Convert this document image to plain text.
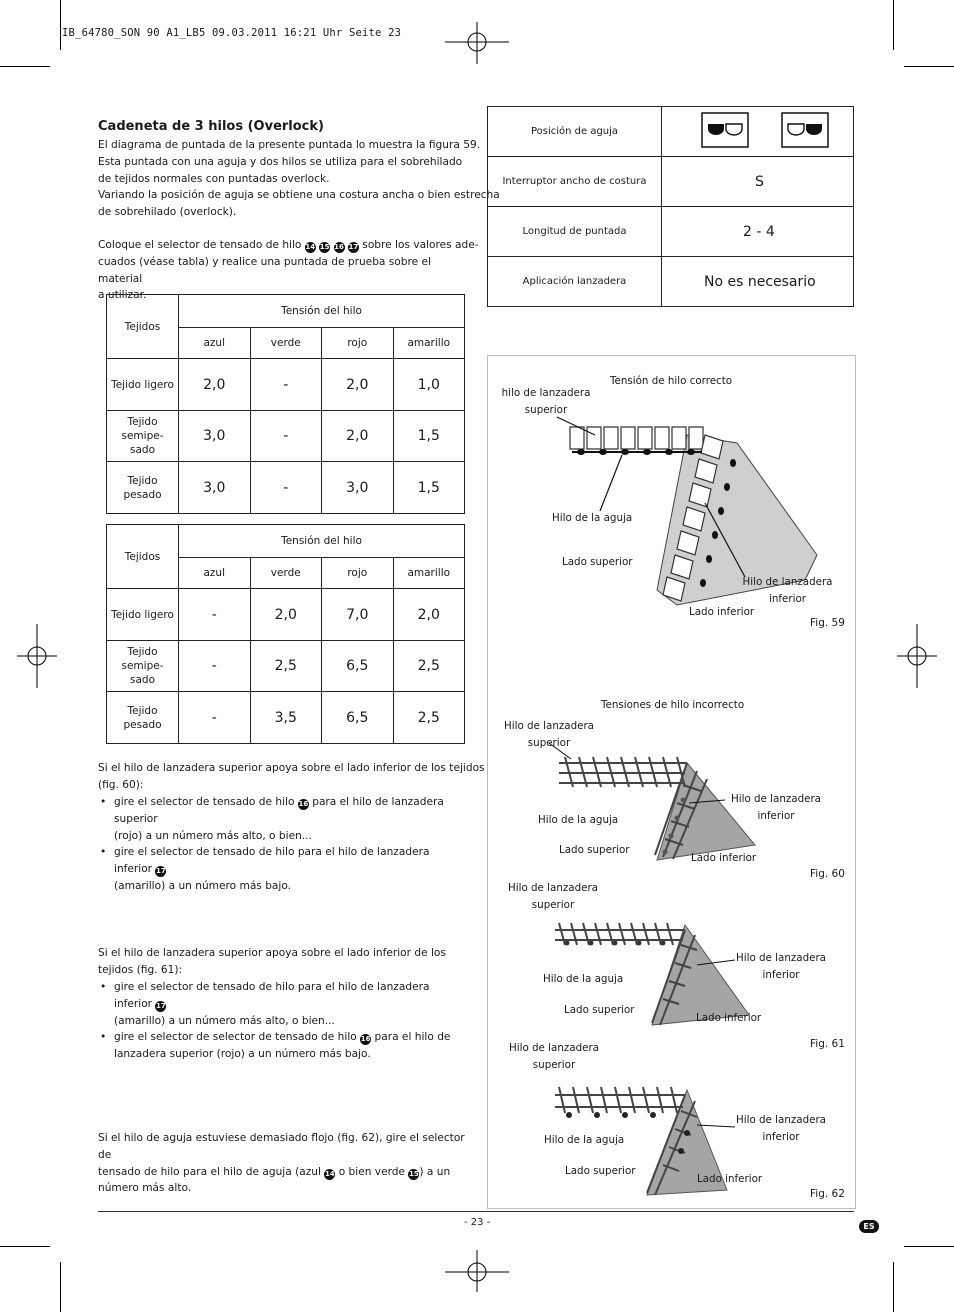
IB_64780_SON 90 A1_LB5 09.03.2011 16:21 Uhr Seite 23
Cadeneta de 3 hilos (Overlock)
El diagrama de puntada de la presente puntada lo muestra la figura 59.
Esta puntada con una aguja y dos hilos se utiliza para el sobrehilado
de tejidos normales con puntadas overlock.
Variando la posición de aguja se obtiene una costura ancha o bien estrecha
de sobrehilado (overlock).
Coloque el selector de tensado de hilo 14 15 16 17 sobre los valores ade-
cuados (véase tabla) y realice una puntada de prueba sobre el material
a utilizar.
Tejidos	Tensión del hilo			
	azul	verde	rojo	amarillo
Tejido ligero	2,0	-	2,0	1,0

Tejido semipe-
sado	3,0	-	2,0	1,5
Tejido pesado	3,0	-	3,0	1,5
Tejidos	Tensión del hilo			
	azul	verde	rojo	amarillo
Tejido ligero	-	2,0	7,0	2,0

Tejido semipe-
sado	-	2,5	6,5	2,5
Tejido pesado	-	3,5	6,5	2,5
Si el hilo de lanzadera superior apoya sobre el lado inferior de los tejidos
(fig. 60):
• gire el selector de tensado de hilo 16 para el hilo de lanzadera superior
(rojo) a un número más alto, o bien...
• gire el selector de tensado de hilo para el hilo de lanzadera inferior 17
(amarillo) a un número más bajo.
Si el hilo de lanzadera superior apoya sobre el lado inferior de los
tejidos (fig. 61):
• gire el selector de tensado de hilo para el hilo de lanzadera inferior 17
(amarillo) a un número más alto, o bien...
• gire el selector de selector de tensado de hilo 16 para el hilo de
lanzadera superior (rojo) a un número más bajo.
Si el hilo de aguja estuviese demasiado flojo (fig. 62), gire el selector de
tensado de hilo para el hilo de aguja (azul 14 o bien verde 15) a un
número más alto.
Posición de aguja	
Interruptor ancho de costura	S
Longitud de puntada	2 - 4
Aplicación lanzadera	No es necesario
Tensión de hilo correcto
hilo de lanzadera
superior
Hilo de la aguja
Lado superior
Hilo de lanzadera
inferior
Lado inferior
Fig. 59
Tensiones de hilo incorrecto
Hilo de lanzadera
superior
Hilo de lanzadera
inferior
Hilo de la aguja
Lado superior
Lado inferior
Fig. 60
Hilo de lanzadera
superior
Hilo de lanzadera
inferior
Hilo de la aguja
Lado superior
Lado inferior
Fig. 61
Hilo de lanzadera
superior
Hilo de lanzadera
inferior
Hilo de la aguja
Lado superior
Lado inferior
Fig. 62
- 23 -	ES
